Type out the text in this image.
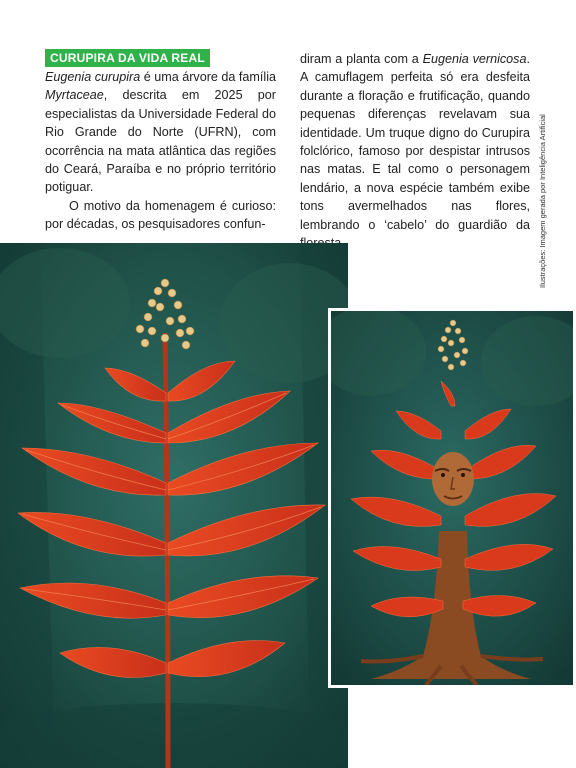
CURUPIRA DA VIDA REAL

Eugenia curupira é uma árvore da família Myrtaceae, descrita em 2025 por especialistas da Universidade Federal do Rio Grande do Norte (UFRN), com ocorrência na mata atlântica das regiões do Ceará, Paraíba e no próprio território potiguar.

O motivo da homenagem é curioso: por décadas, os pesquisadores confun-

diram a planta com a Eugenia vernicosa. A camuflagem perfeita só era desfeita durante a floração e frutificação, quando pequenas diferenças revelavam sua identidade. Um truque digno do Curupira folclórico, famoso por despistar intrusos nas matas. E tal como o personagem lendário, a nova espécie também exibe tons avermelhados nas flores, lembrando o ‘cabelo’ do guardião da Ilustrações: Imagem gerada por Inteligência Artificial
